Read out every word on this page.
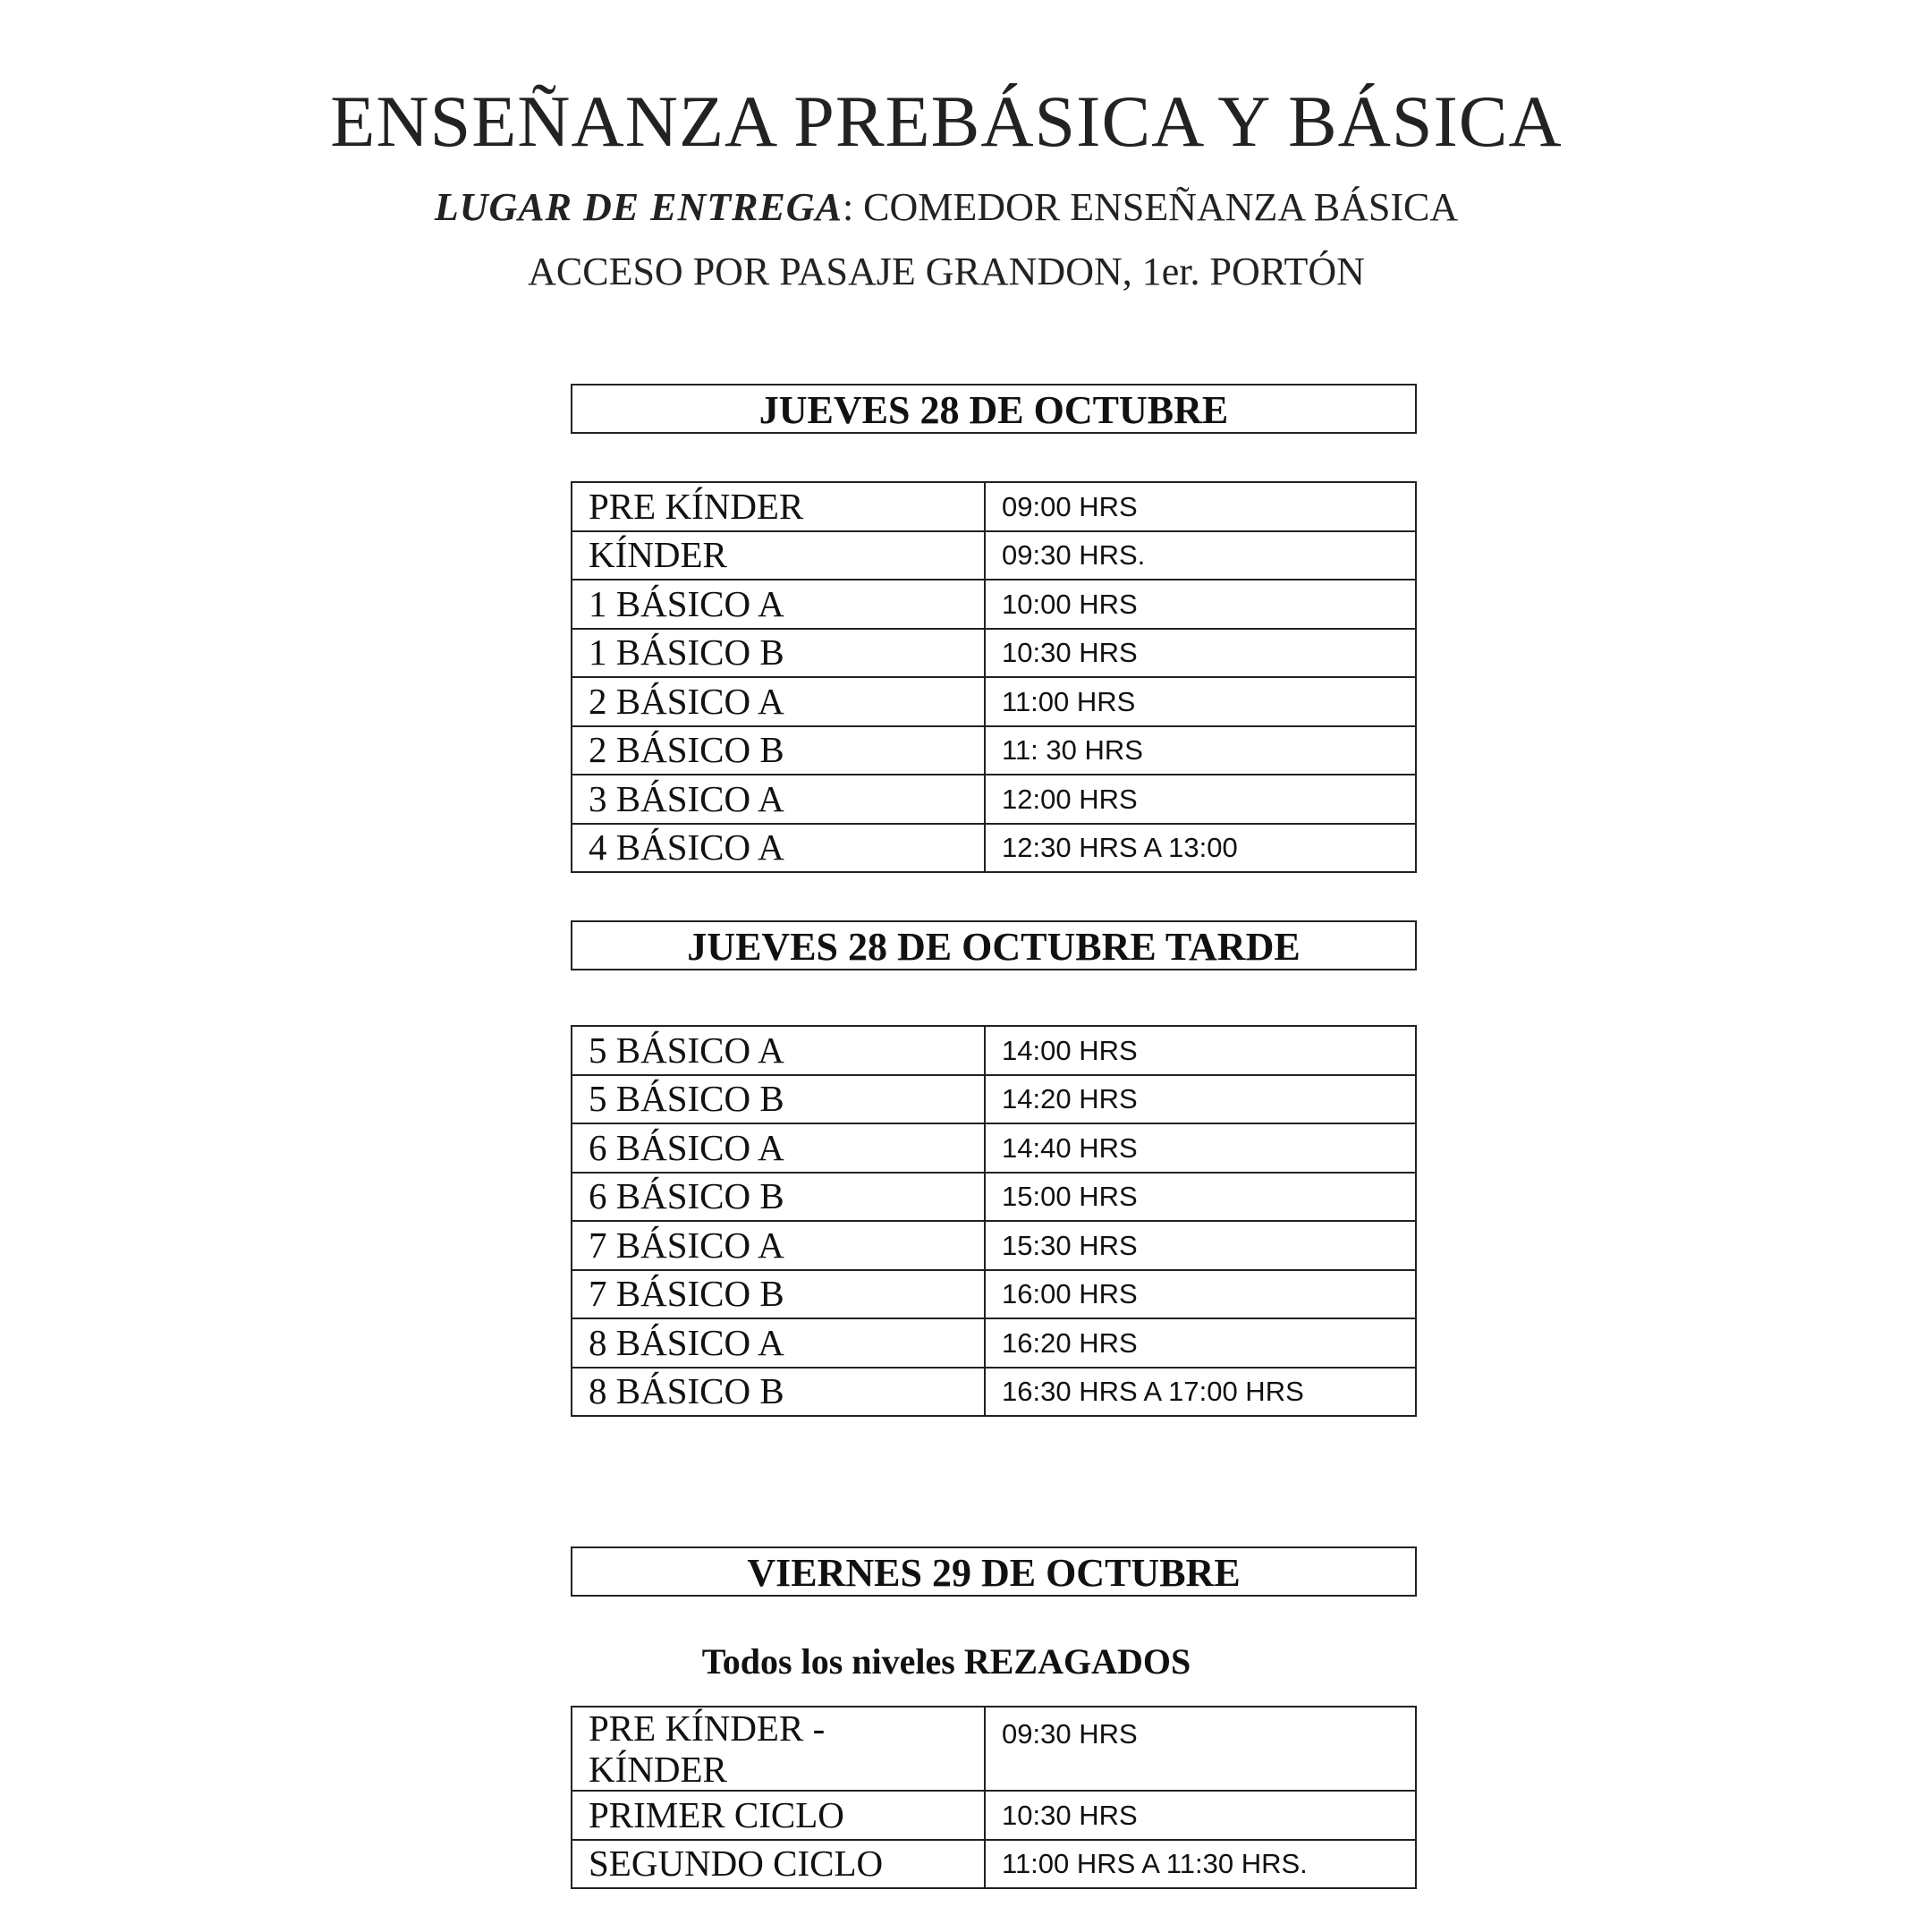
ENSEÑANZA PREBÁSICA Y BÁSICA
LUGAR DE ENTREGA: COMEDOR ENSEÑANZA BÁSICA
ACCESO POR PASAJE GRANDON, 1er. PORTÓN
JUEVES 28 DE OCTUBRE
PRE KÍNDER	09:00 HRS
KÍNDER	09:30 HRS.
1 BÁSICO A	10:00 HRS
1 BÁSICO B	10:30 HRS
2 BÁSICO A	11:00 HRS
2 BÁSICO B	11: 30 HRS
3 BÁSICO A	12:00 HRS
4 BÁSICO A	12:30 HRS A 13:00
JUEVES 28 DE OCTUBRE TARDE
5 BÁSICO A	14:00 HRS
5 BÁSICO B	14:20 HRS
6 BÁSICO A	14:40 HRS
6 BÁSICO B	15:00 HRS
7 BÁSICO A	15:30 HRS
7 BÁSICO B	16:00 HRS
8 BÁSICO A	16:20 HRS
8 BÁSICO B	16:30 HRS A 17:00 HRS
VIERNES 29 DE OCTUBRE
Todos los niveles REZAGADOS
PRE KÍNDER - KÍNDER	09:30 HRS
PRIMER CICLO	10:30 HRS
SEGUNDO CICLO	11:00 HRS A 11:30 HRS.
